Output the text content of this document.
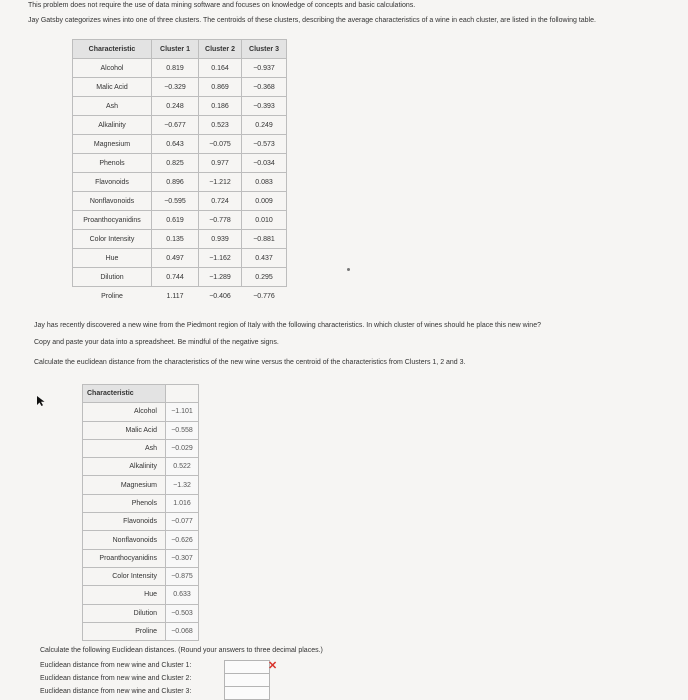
This problem does not require the use of data mining software and focuses on knowledge of concepts and basic calculations.
Jay Gatsby categorizes wines into one of three clusters. The centroids of these clusters, describing the average characteristics of a wine in each cluster, are listed in the following table.
Characteristic	Cluster 1	Cluster 2	Cluster 3
Alcohol	0.819	0.164	−0.937
Malic Acid	−0.329	0.869	−0.368
Ash	0.248	0.186	−0.393
Alkalinity	−0.677	0.523	0.249
Magnesium	0.643	−0.075	−0.573
Phenols	0.825	0.977	−0.034
Flavonoids	0.896	−1.212	0.083
Nonflavonoids	−0.595	0.724	0.009
Proanthocyanidins	0.619	−0.778	0.010
Color Intensity	0.135	0.939	−0.881
Hue	0.497	−1.162	0.437
Dilution	0.744	−1.289	0.295
Proline	1.117	−0.406	−0.776
Jay has recently discovered a new wine from the Piedmont region of Italy with the following characteristics. In which cluster of wines should he place this new wine?
Copy and paste your data into a spreadsheet. Be mindful of the negative signs.
Calculate the euclidean distance from the characteristics of the new wine versus the centroid of the characteristics from Clusters 1, 2 and 3.
Characteristic	
Alcohol	−1.101
Malic Acid	−0.558
Ash	−0.029
Alkalinity	0.522
Magnesium	−1.32
Phenols	1.016
Flavonoids	−0.077
Nonflavonoids	−0.626
Proanthocyanidins	−0.307
Color Intensity	−0.875
Hue	0.633
Dilution	−0.503
Proline	−0.068
Calculate the following Euclidean distances. (Round your answers to three decimal places.)
Euclidean distance from new wine and Cluster 1:	✕
Euclidean distance from new wine and Cluster 2:
Euclidean distance from new wine and Cluster 3:
